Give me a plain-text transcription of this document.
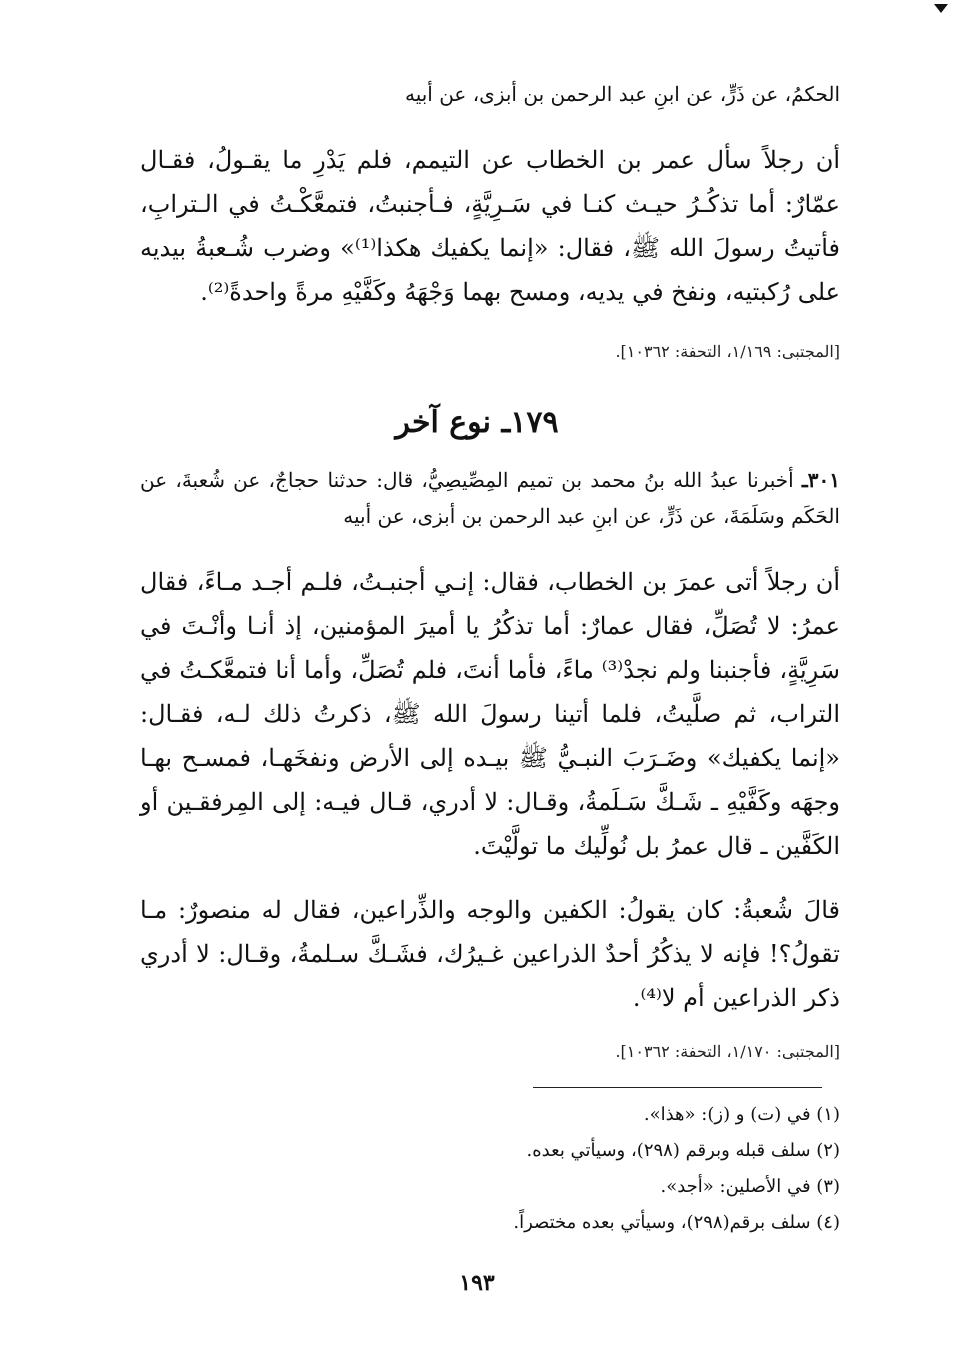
الحكمُ، عن ذَرٍّ، عن ابنِ عبد الرحمن بن أبزى، عن أبيه
أن رجلاً سأل عمر بن الخطاب عن التيمم، فلم يَدْرِ ما يقـولُ، فقـال عمّارٌ: أما تذكُـرُ حيـث كنـا في سَـرِيَّةٍ، فـأجنبتُ، فتمعَّكْـتُ في الـترابِ، فأتيتُ رسولَ الله ﷺ، فقال: «إنما يكفيك هكذا⁽¹⁾» وضرب شُـعبةُ بيديه على رُكبتيه، ونفخ في يديه، ومسح بهما وَجْهَهُ وكَفَّيْهِ مرةً واحدةً⁽²⁾.
[المجتبى: ١/١٦٩، التحفة: ١٠٣٦٢].
١٧٩ـ نوع آخر
٣٠١ـ أخبرنا عبدُ الله بنُ محمد بن تميم المِصِّيصِيُّ، قال: حدثنا حجاجٌ، عن شُعبةَ، عن الحَكَم وسَلَمَةَ، عن ذَرٍّ، عن ابنِ عبد الرحمن بن أبزى، عن أبيه
أن رجلاً أتى عمرَ بن الخطاب، فقال: إنـي أجنبـتُ، فلـم أجـد مـاءً، فقال عمرُ: لا تُصَلِّ، فقال عمارٌ: أما تذكُرُ يا أميرَ المؤمنين، إذ أنـا وأنْـتَ في سَرِيَّةٍ، فأجنبنا ولم نجدْ⁽³⁾ ماءً، فأما أنتَ، فلم تُصَلِّ، وأما أنا فتمعَّكـتُ في التراب، ثم صلَّيتُ، فلما أتينا رسولَ الله ﷺ، ذكرتُ ذلك لـه، فقـال: «إنما يكفيك» وضَـرَبَ النبـيُّ ﷺ بيـده إلى الأرض ونفخَهـا، فمسـح بهـا وجهَه وكَفَّيْهِ ـ شَـكَّ سَـلَمةُ، وقـال: لا أدري، قـال فيـه: إلى المِرفقـين أو الكَفَّين ـ قال عمرُ بل نُولِّيك ما تولَّيْتَ.
قالَ شُعبةُ: كان يقولُ: الكفين والوجه والذِّراعين، فقال له منصورٌ: مـا تقولُ؟! فإنه لا يذكُرُ أحدٌ الذراعين غـيرُك، فشَـكَّ سـلمةُ، وقـال: لا أدري ذكر الذراعين أم لا⁽⁴⁾.
[المجتبى: ١/١٧٠، التحفة: ١٠٣٦٢].
(١) في (ت) و (ز): «هذا».
(٢) سلف قبله وبرقم (٢٩٨)، وسيأتي بعده.
(٣) في الأصلين: «أجد».
(٤) سلف برقم(٢٩٨)، وسيأتي بعده مختصراً.
١٩٣
